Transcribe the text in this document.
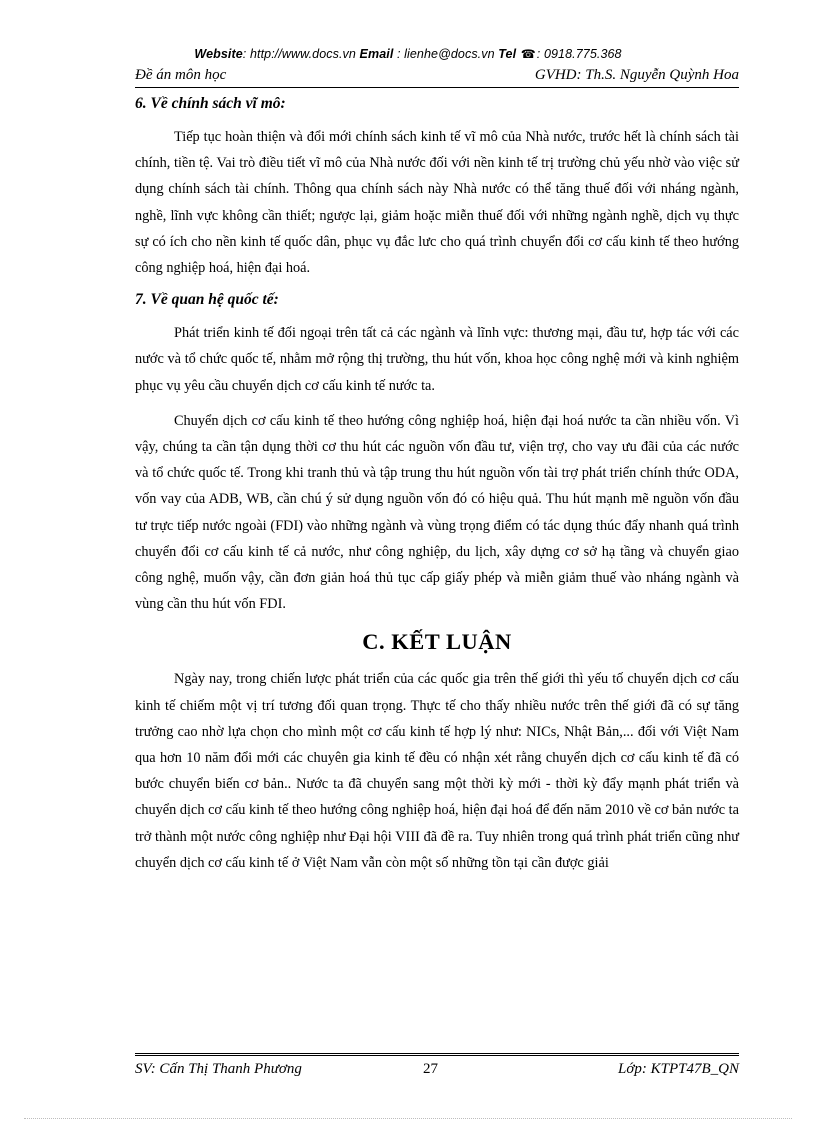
Website: http://www.docs.vn Email : lienhe@docs.vn Tel ☎: 0918.775.368
Đề án môn học	GVHD: Th.S. Nguyễn Quỳnh Hoa
6. Về chính sách vĩ mô:

Tiếp tục hoàn thiện và đổi mới chính sách kinh tế vĩ mô của Nhà nước, trước hết là chính sách tài chính, tiền tệ. Vai trò điều tiết vĩ mô của Nhà nước đối với nền kinh tế trị trường chủ yếu nhờ vào việc sử dụng chính sách tài chính. Thông qua chính sách này Nhà nước có thể tăng thuế đối với nháng ngành, nghề, lĩnh vực không cần thiết; ngược lại, giảm hoặc miễn thuế đối với những ngành nghề, dịch vụ thực sự có ích cho nền kinh tế quốc dân, phục vụ đắc lưc cho quá trình chuyển đổi cơ cấu kinh tế theo hướng công nghiệp hoá, hiện đại hoá.

7. Về quan hệ quốc tế:

Phát triển kinh tế đối ngoại trên tất cả các ngành và lĩnh vực: thương mại, đầu tư, hợp tác với các nước và tổ chức quốc tế, nhằm mở rộng thị trường, thu hút vốn, khoa học công nghệ mới và kinh nghiệm phục vụ yêu cầu chuyển dịch cơ cấu kinh tế nước ta.

Chuyển dịch cơ cấu kinh tế theo hướng công nghiệp hoá, hiện đại hoá nước ta cần nhiều vốn. Vì vậy, chúng ta cần tận dụng thời cơ thu hút các nguồn vốn đầu tư, viện trợ, cho vay ưu đãi của các nước và tổ chức quốc tế. Trong khi tranh thủ và tập trung thu hút nguồn vốn tài trợ phát triển chính thức ODA, vốn vay của ADB, WB, cần chú ý sử dụng nguồn vốn đó có hiệu quả. Thu hút mạnh mẽ nguồn vốn đầu tư trực tiếp nước ngoài (FDI) vào những ngành và vùng trọng điểm có tác dụng thúc đẩy nhanh quá trình chuyển đổi cơ cấu kinh tế cả nước, như công nghiệp, du lịch, xây dựng cơ sở hạ tầng và chuyển giao công nghệ, muốn vậy, cần đơn giản hoá thủ tục cấp giấy phép và miễn giảm thuế vào nháng ngành và vùng cần thu hút vốn FDI.

C. KẾT LUẬN

Ngày nay, trong chiến lược phát triển của các quốc gia trên thế giới thì yếu tố chuyển dịch cơ cấu kinh tế chiếm một vị trí tương đối quan trọng. Thực tế cho thấy nhiều nước trên thế giới đã có sự tăng trưởng cao nhờ lựa chọn cho mình một cơ cấu kinh tế hợp lý như: NICs, Nhật Bản,... đối với Việt Nam qua hơn 10 năm đổi mới các chuyên gia kinh tế đều có nhận xét rằng chuyển dịch cơ cấu kinh tế đã có bước chuyển biến cơ bản.. Nước ta đã chuyển sang một thời kỳ mới - thời kỳ đẩy mạnh phát triển và chuyển dịch cơ cấu kinh tế theo hướng công nghiệp hoá, hiện đại hoá để đến năm 2010 về cơ bản nước ta trở thành một nước công nghiệp như Đại hội VIII đã đề ra. Tuy nhiên trong quá trình phát triển cũng như chuyển dịch cơ cấu kinh tế ở Việt Nam vẫn còn một số những tồn tại cần được giải

SV: Cấn Thị Thanh Phương	27	Lớp: KTPT47B_QN
